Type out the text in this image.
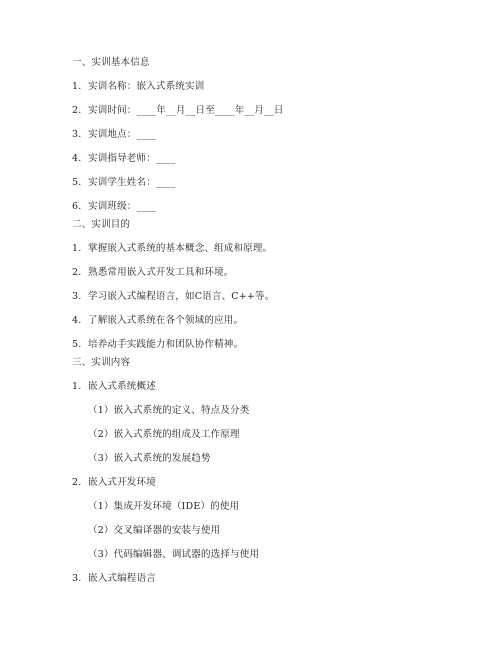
一、实训基本信息
1. 实训名称：嵌入式系统实训
2. 实训时间：____年__月__日至____年__月__日
3. 实训地点：____
4. 实训指导老师：____
5. 实训学生姓名：____
6. 实训班级：____
二、实训目的
1. 掌握嵌入式系统的基本概念、组成和原理。
2. 熟悉常用嵌入式开发工具和环境。
3. 学习嵌入式编程语言，如C语言、C++等。
4. 了解嵌入式系统在各个领域的应用。
5. 培养动手实践能力和团队协作精神。
三、实训内容
1. 嵌入式系统概述
（1）嵌入式系统的定义、特点及分类
（2）嵌入式系统的组成及工作原理
（3）嵌入式系统的发展趋势
2. 嵌入式开发环境
（1）集成开发环境（IDE）的使用
（2）交叉编译器的安装与使用
（3）代码编辑器、调试器的选择与使用
3. 嵌入式编程语言
